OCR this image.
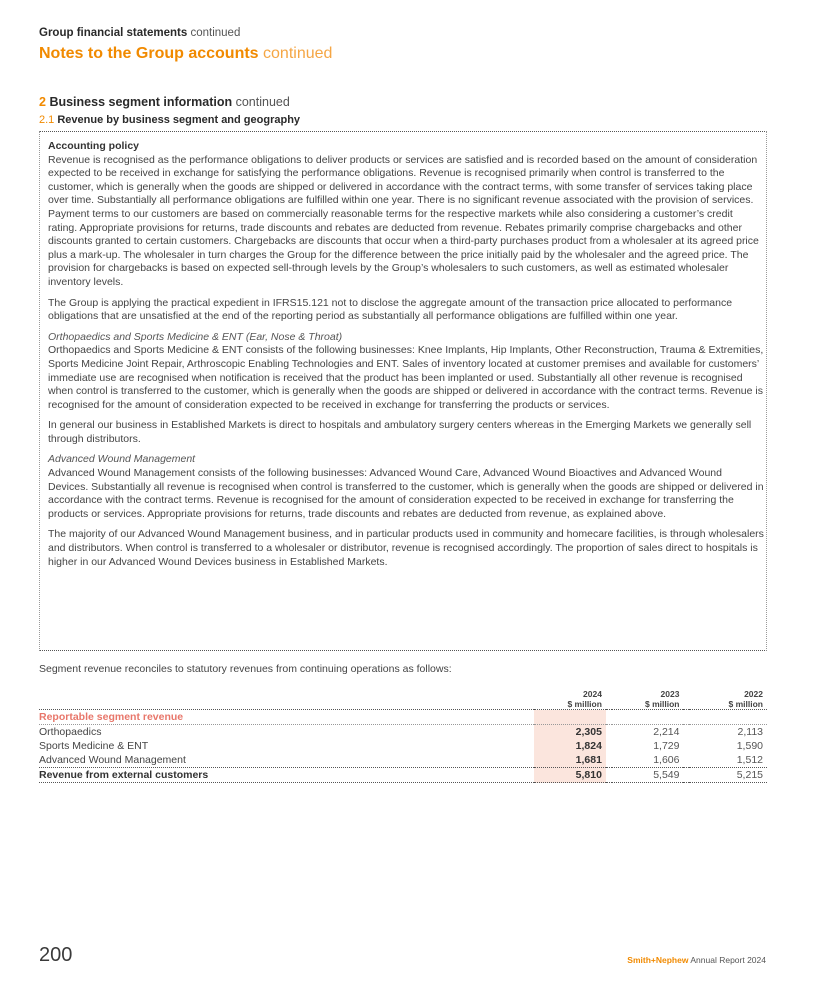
Group financial statements continued
Notes to the Group accounts continued
2 Business segment information continued
2.1 Revenue by business segment and geography
Accounting policy

Revenue is recognised as the performance obligations to deliver products or services are satisfied and is recorded based on the amount of consideration expected to be received in exchange for satisfying the performance obligations. Revenue is recognised primarily when control is transferred to the customer, which is generally when the goods are shipped or delivered in accordance with the contract terms, with some transfer of services taking place over time. Substantially all performance obligations are fulfilled within one year. There is no significant revenue associated with the provision of services. Payment terms to our customers are based on commercially reasonable terms for the respective markets while also considering a customer’s credit rating. Appropriate provisions for returns, trade discounts and rebates are deducted from revenue. Rebates primarily comprise chargebacks and other discounts granted to certain customers. Chargebacks are discounts that occur when a third-party purchases product from a wholesaler at its agreed price plus a mark-up. The wholesaler in turn charges the Group for the difference between the price initially paid by the wholesaler and the agreed price. The provision for chargebacks is based on expected sell-through levels by the Group’s wholesalers to such customers, as well as estimated wholesaler inventory levels.

The Group is applying the practical expedient in IFRS15.121 not to disclose the aggregate amount of the transaction price allocated to performance obligations that are unsatisfied at the end of the reporting period as substantially all performance obligations are fulfilled within one year.

Orthopaedics and Sports Medicine & ENT (Ear, Nose & Throat)

Orthopaedics and Sports Medicine & ENT consists of the following businesses: Knee Implants, Hip Implants, Other Reconstruction, Trauma & Extremities, Sports Medicine Joint Repair, Arthroscopic Enabling Technologies and ENT. Sales of inventory located at customer premises and available for customers’ immediate use are recognised when notification is received that the product has been implanted or used. Substantially all other revenue is recognised when control is transferred to the customer, which is generally when the goods are shipped or delivered in accordance with the contract terms. Revenue is recognised for the amount of consideration expected to be received in exchange for transferring the products or services.

In general our business in Established Markets is direct to hospitals and ambulatory surgery centers whereas in the Emerging Markets we generally sell through distributors.

Advanced Wound Management

Advanced Wound Management consists of the following businesses: Advanced Wound Care, Advanced Wound Bioactives and Advanced Wound Devices. Substantially all revenue is recognised when control is transferred to the customer, which is generally when the goods are shipped or delivered in accordance with the contract terms. Revenue is recognised for the amount of consideration expected to be received in exchange for transferring the products or services. Appropriate provisions for returns, trade discounts and rebates are deducted from revenue, as explained above.

The majority of our Advanced Wound Management business, and in particular products used in community and homecare facilities, is through wholesalers and distributors. When control is transferred to a wholesaler or distributor, revenue is recognised accordingly. The proportion of sales direct to hospitals is higher in our Advanced Wound Devices business in Established Markets.

Segment revenue reconciles to statutory revenues from continuing operations as follows:
	2024
$ million		2023
$ million		2022
$ million

Reportable segment revenue					
Orthopaedics	2,305		2,214		2,113
Sports Medicine & ENT	1,824		1,729		1,590
Advanced Wound Management	1,681		1,606		1,512
Revenue from external customers	5,810		5,549		5,215
200	Smith+Nephew Annual Report 2024
